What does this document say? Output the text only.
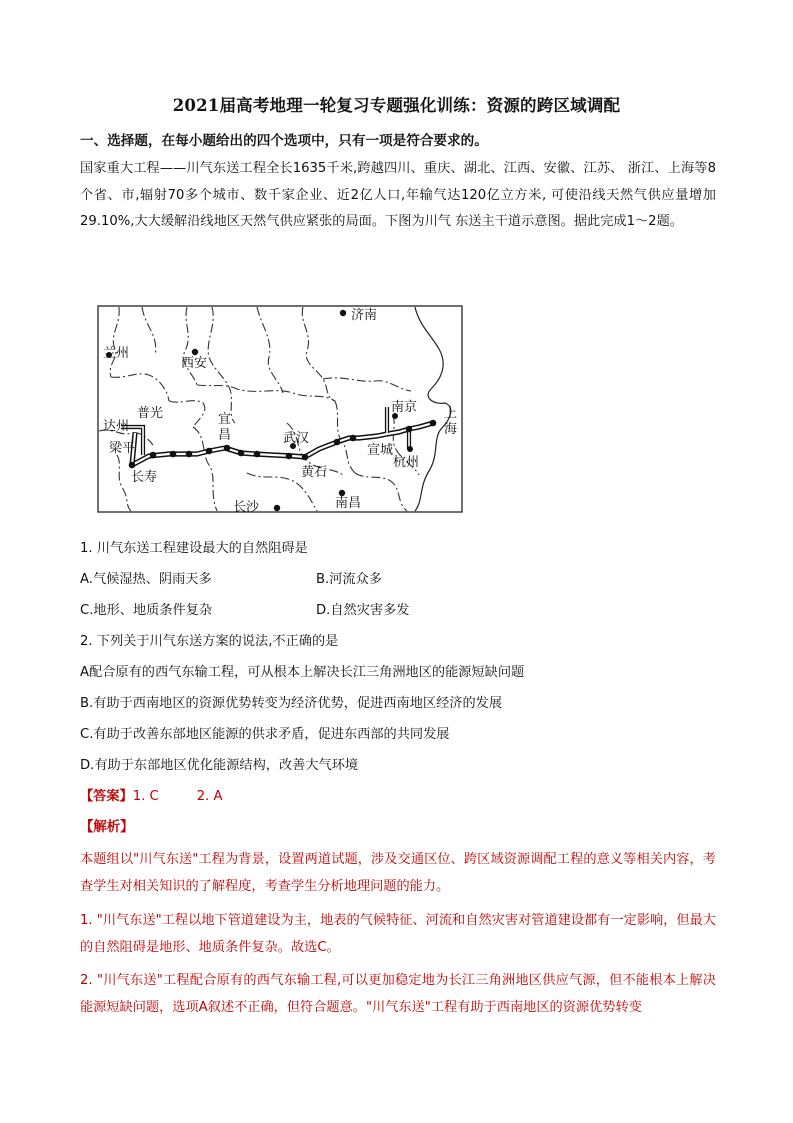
2021届高考地理一轮复习专题强化训练：资源的跨区域调配
一、选择题，在每小题给出的四个选项中，只有一项是符合要求的。
国家重大工程——川气东送工程全长1635千米,跨越四川、重庆、湖北、江西、安徽、江苏、 浙江、上海等8个省、市,辐射70多个城市、数千家企业、近2亿人口,年输气达120亿立方米, 可使沿线天然气供应量增加29.10%,大大缓解沿线地区天然气供应紧张的局面。下图为川气 东送主干道示意图。据此完成1～2题。
济南
兰州
西安
普光
达州
梁平
长寿
武汉
黄石
南京
杭州
宣城
长沙	南昌
宜昌
上海
1. 川气东送工程建设最大的自然阻碍是
A.气候湿热、阴雨天多	B.河流众多
C.地形、地质条件复杂	D.自然灾害多发
2. 下列关于川气东送方案的说法,不正确的是
A配合原有的西气东输工程，可从根本上解决长江三角洲地区的能源短缺问题
B.有助于西南地区的资源优势转变为经济优势，促进西南地区经济的发展
C.有助于改善东部地区能源的供求矛盾，促进东西部的共同发展
D.有助于东部地区优化能源结构，改善大气环境
【答案】1. C	2. A
【解析】
本题组以"川气东送"工程为背景，设置两道试题，涉及交通区位、跨区域资源调配工程的意义等相关内容，考查学生对相关知识的了解程度，考查学生分析地理问题的能力。
1. "川气东送"工程以地下管道建设为主，地表的气候特征、河流和自然灾害对管道建设都有一定影响，但最大的自然阻碍是地形、地质条件复杂。故选C。
2. "川气东送"工程配合原有的西气东输工程,可以更加稳定地为长江三角洲地区供应气源，但不能根本上解决能源短缺问题，选项A叙述不正确，但符合题意。"川气东送"工程有助于西南地区的资源优势转变
